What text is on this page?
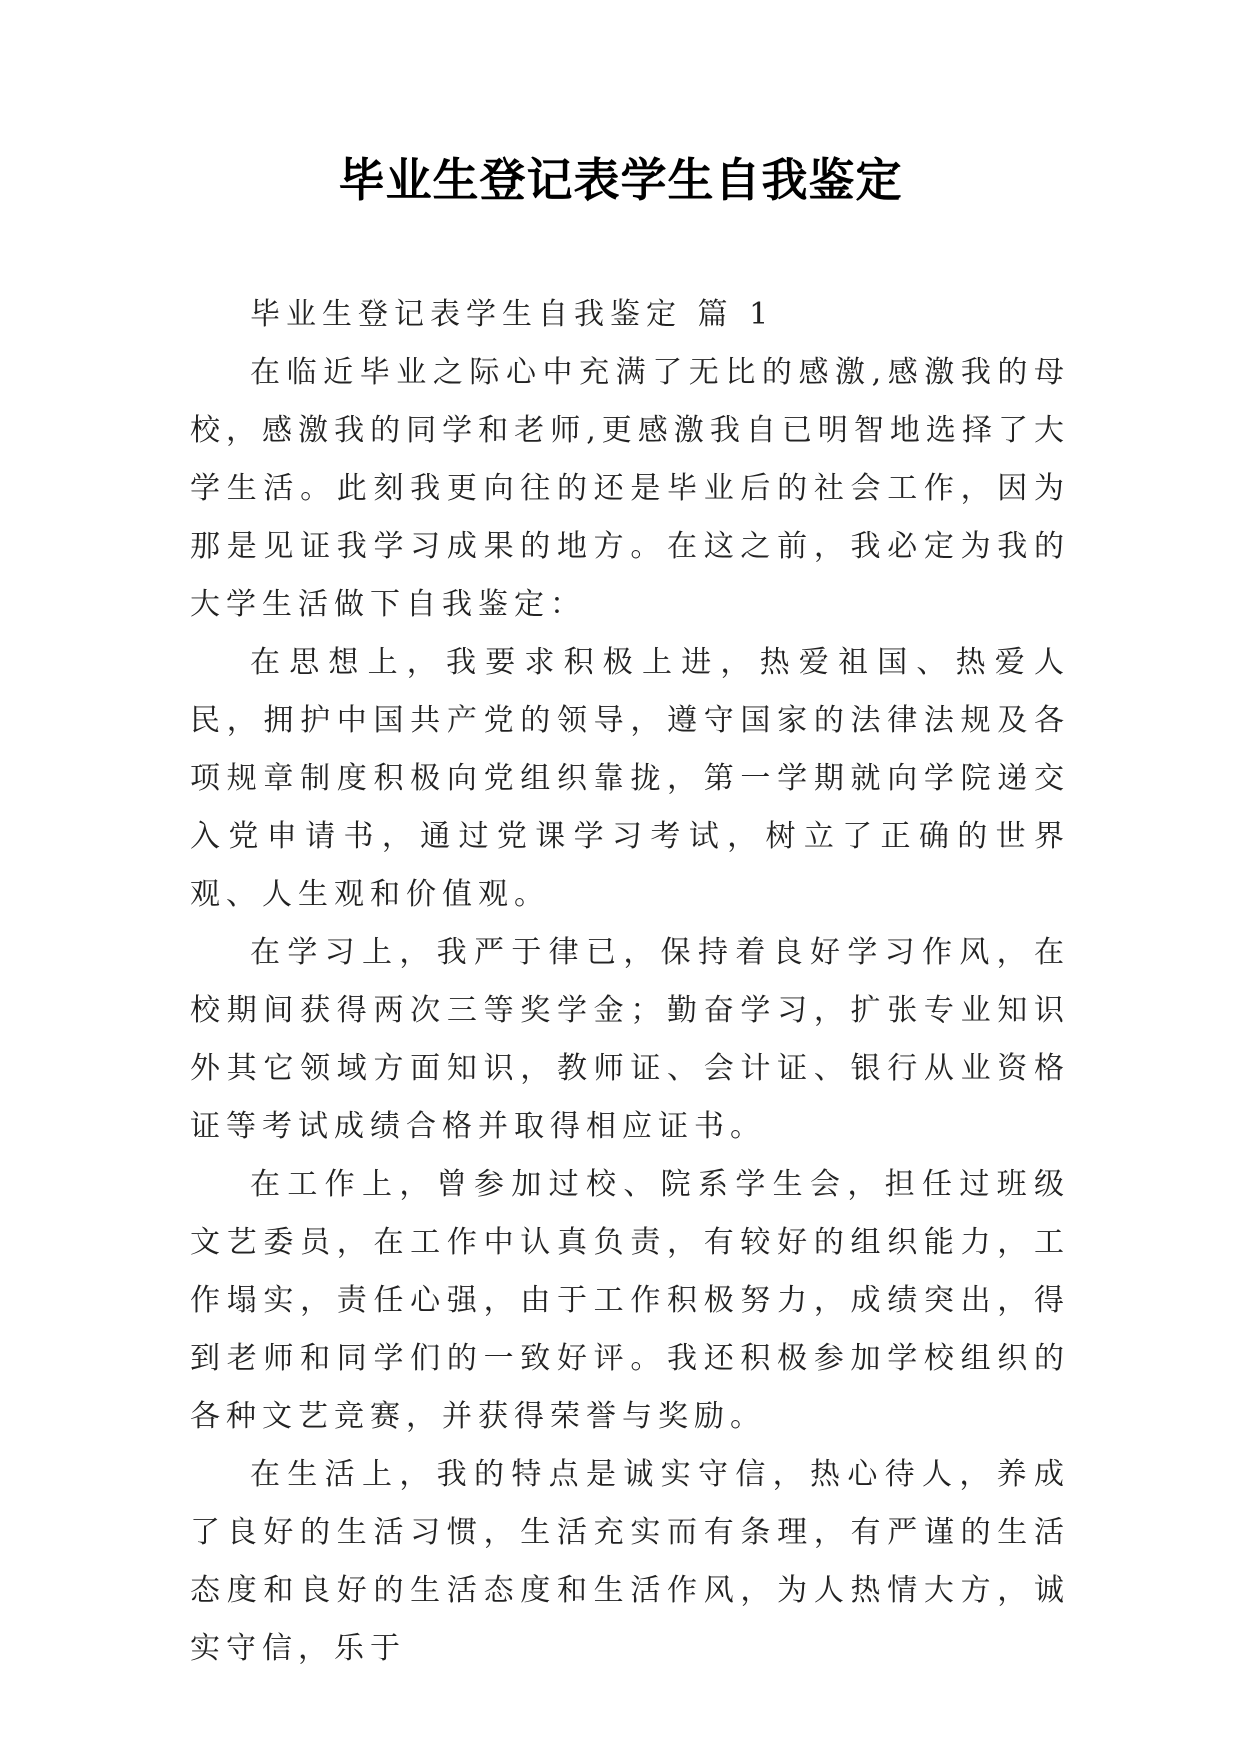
毕业生登记表学生自我鉴定

毕业生登记表学生自我鉴定 篇 1

在临近毕业之际心中充满了无比的感激,感激我的母校，感激我的同学和老师,更感激我自已明智地选择了大学生活。此刻我更向往的还是毕业后的社会工作，因为那是见证我学习成果的地方。在这之前，我必定为我的大学生活做下自我鉴定：

在思想上，我要求积极上进，热爱祖国、热爱人民，拥护中国共产党的领导，遵守国家的法律法规及各项规章制度积极向党组织靠拢，第一学期就向学院递交入党申请书，通过党课学习考试，树立了正确的世界观、人生观和价值观。

在学习上，我严于律已，保持着良好学习作风，在校期间获得两次三等奖学金；勤奋学习，扩张专业知识外其它领域方面知识，教师证、会计证、银行从业资格证等考试成绩合格并取得相应证书。

在工作上，曾参加过校、院系学生会，担任过班级文艺委员，在工作中认真负责，有较好的组织能力，工作塌实，责任心强，由于工作积极努力，成绩突出，得到老师和同学们的一致好评。我还积极参加学校组织的各种文艺竞赛，并获得荣誉与奖励。

在生活上，我的特点是诚实守信，热心待人，养成了良好的生活习惯，生活充实而有条理，有严谨的生活态度和良好的生活态度和生活作风，为人热情大方，诚实守信，乐于
